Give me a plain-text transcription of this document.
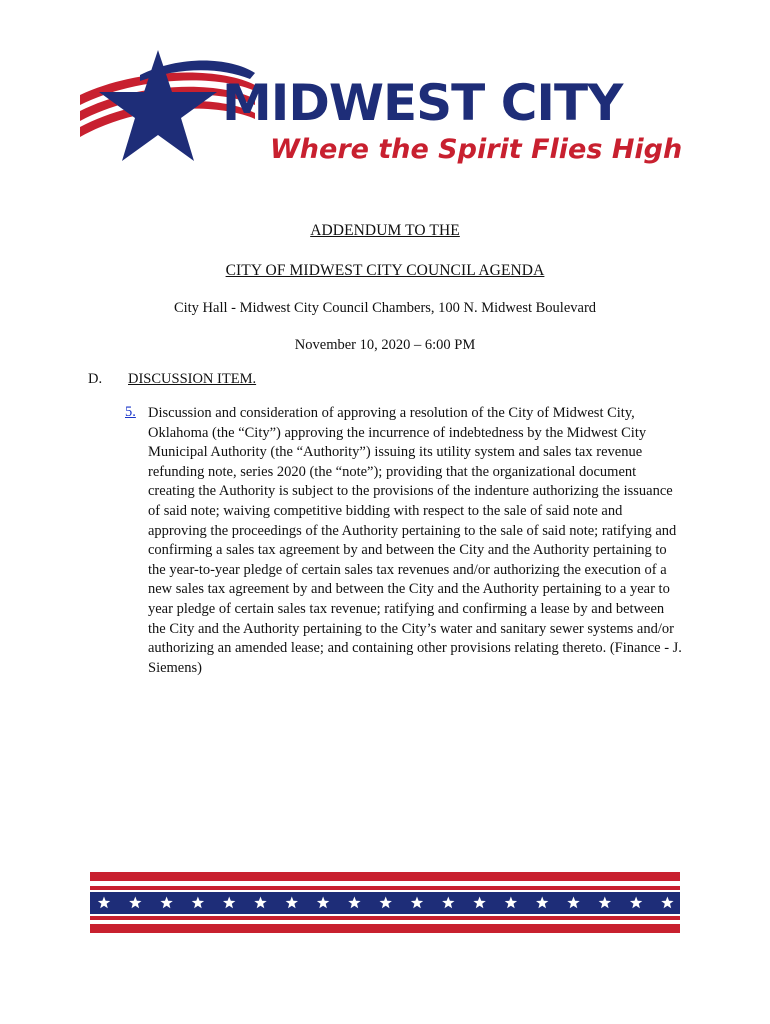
MIDWEST CITY
Where the Spirit Flies High
ADDENDUM TO THE
CITY OF MIDWEST CITY COUNCIL AGENDA
City Hall - Midwest City Council Chambers, 100 N. Midwest Boulevard
November 10, 2020 – 6:00 PM
D. DISCUSSION ITEM.
5. Discussion and consideration of approving a resolution of the City of Midwest City, Oklahoma (the “City”) approving the incurrence of indebtedness by the Midwest City Municipal Authority (the “Authority”) issuing its utility system and sales tax revenue refunding note, series 2020 (the “note”); providing that the organizational document creating the Authority is subject to the provisions of the indenture authorizing the issuance of said note; waiving competitive bidding with respect to the sale of said note and approving the proceedings of the Authority pertaining to the sale of said note; ratifying and confirming a sales tax agreement by and between the City and the Authority pertaining to the year-to-year pledge of certain sales tax revenues and/or authorizing the execution of a new sales tax agreement by and between the City and the Authority pertaining to a year to year pledge of certain sales tax revenue; ratifying and confirming a lease by and between the City and the Authority pertaining to the City’s water and sanitary sewer systems and/or authorizing an amended lease; and containing other provisions relating thereto. (Finance - J. Siemens)
